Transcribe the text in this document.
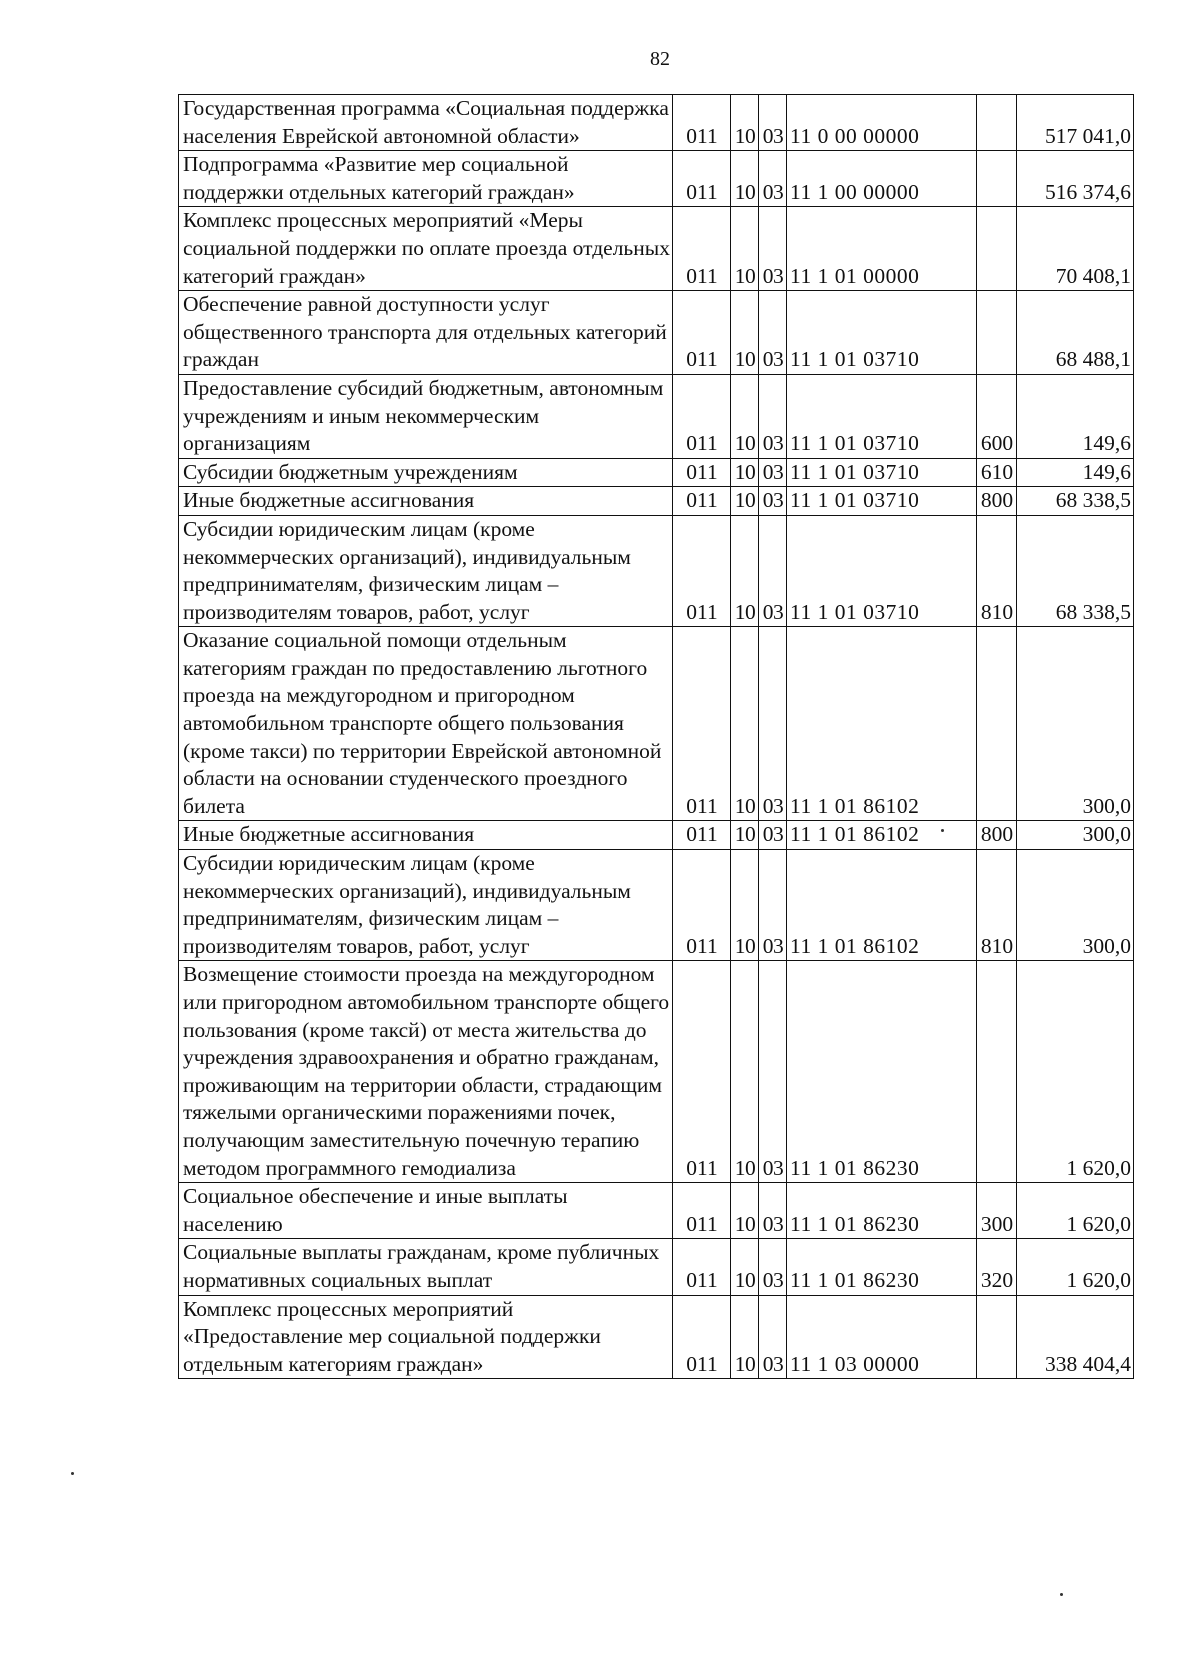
82
Государственная программа «Социальная поддержка населения Еврейской автономной области»	011	10	03	11 0 00 00000		517 041,0
Подпрограмма «Развитие мер социальной поддержки отдельных категорий граждан»	011	10	03	11 1 00 00000		516 374,6
Комплекс процессных мероприятий «Меры социальной поддержки по оплате проезда отдельных категорий граждан»	011	10	03	11 1 01 00000		70 408,1
Обеспечение равной доступности услуг общественного транспорта для отдельных категорий граждан	011	10	03	11 1 01 03710		68 488,1
Предоставление субсидий бюджетным, автономным учреждениям и иным некоммерческим организациям	011	10	03	11 1 01 03710	600	149,6
Субсидии бюджетным учреждениям	011	10	03	11 1 01 03710	610	149,6
Иные бюджетные ассигнования	011	10	03	11 1 01 03710	800	68 338,5
Субсидии юридическим лицам (кроме некоммерческих организаций), индивидуальным предпринимателям, физическим лицам – производителям товаров, работ, услуг	011	10	03	11 1 01 03710	810	68 338,5
Оказание социальной помощи отдельным категориям граждан по предоставлению льготного проезда на междугородном и пригородном автомобильном транспорте общего пользования (кроме такси) по территории Еврейской автономной области на основании студенческого проездного билета	011	10	03	11 1 01 86102		300,0
Иные бюджетные ассигнования	011	10	03	11 1 01 86102	800	300,0
Субсидии юридическим лицам (кроме некоммерческих организаций), индивидуальным предпринимателям, физическим лицам – производителям товаров, работ, услуг	011	10	03	11 1 01 86102	810	300,0
Возмещение стоимости проезда на междугородном или пригородном автомобильном транспорте общего пользования (кроме таксй) от места жительства до учреждения здравоохранения и обратно гражданам, проживающим на территории области, страдающим тяжелыми органическими поражениями почек, получающим заместительную почечную терапию методом программного гемодиализа	011	10	03	11 1 01 86230		1 620,0
Социальное обеспечение и иные выплаты населению	011	10	03	11 1 01 86230	300	1 620,0
Социальные выплаты гражданам, кроме публичных нормативных социальных выплат	011	10	03	11 1 01 86230	320	1 620,0
Комплекс процессных мероприятий «Предоставление мер социальной поддержки отдельным категориям граждан»	011	10	03	11 1 03 00000		338 404,4
